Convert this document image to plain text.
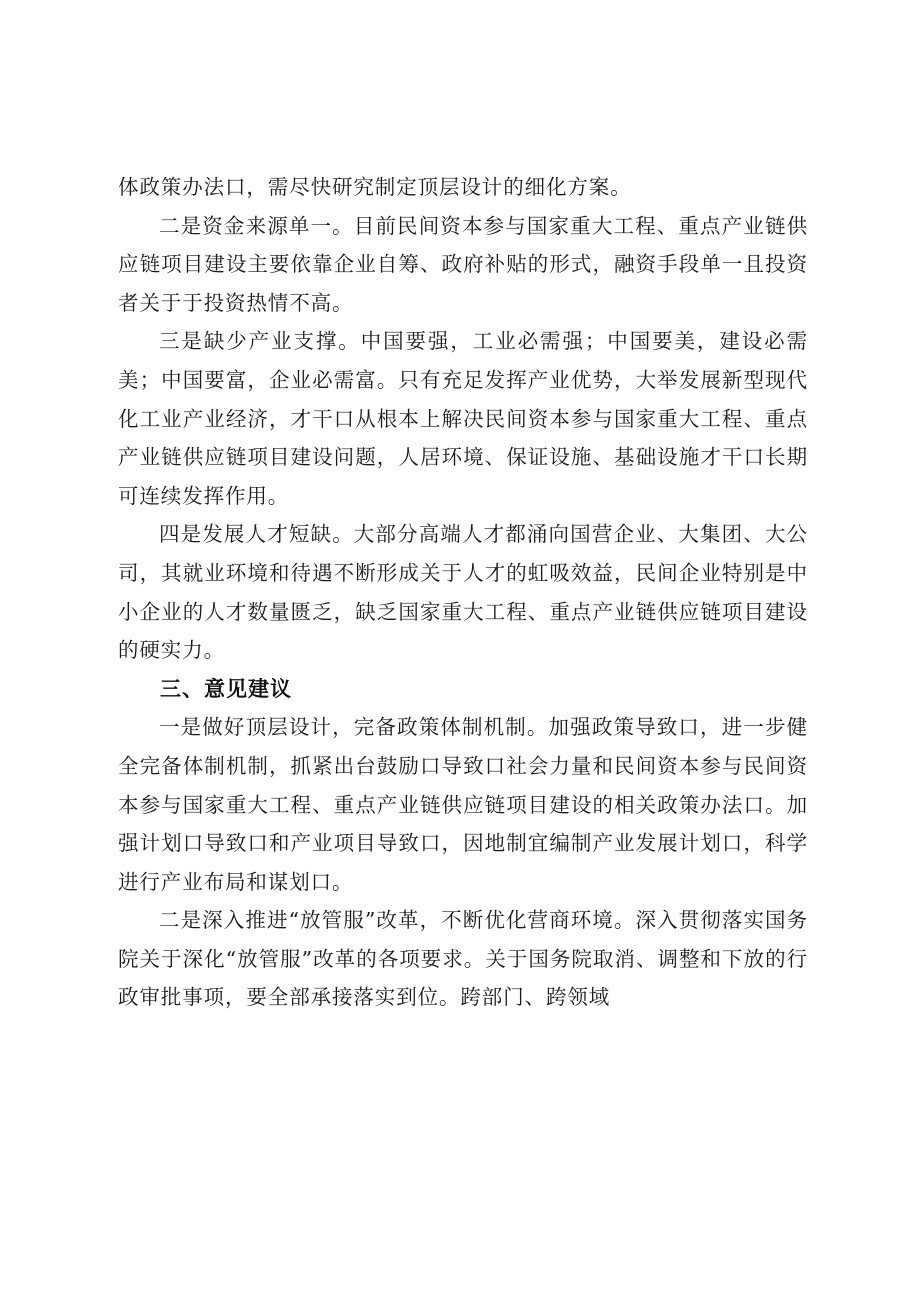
体政策办法口，需尽快研究制定顶层设计的细化方案。

二是资金来源单一。目前民间资本参与国家重大工程、重点产业链供应链项目建设主要依靠企业自筹、政府补贴的形式，融资手段单一且投资者关于于投资热情不高。

三是缺少产业支撑。中国要强，工业必需强；中国要美，建设必需美；中国要富，企业必需富。只有充足发挥产业优势，大举发展新型现代化工业产业经济，才干口从根本上解决民间资本参与国家重大工程、重点产业链供应链项目建设问题，人居环境、保证设施、基础设施才干口长期可连续发挥作用。

四是发展人才短缺。大部分高端人才都涌向国营企业、大集团、大公司，其就业环境和待遇不断形成关于人才的虹吸效益，民间企业特别是中小企业的人才数量匮乏，缺乏国家重大工程、重点产业链供应链项目建设的硬实力。

三、意见建议

一是做好顶层设计，完备政策体制机制。加强政策导致口，进一步健全完备体制机制，抓紧出台鼓励口导致口社会力量和民间资本参与民间资本参与国家重大工程、重点产业链供应链项目建设的相关政策办法口。加强计划口导致口和产业项目导致口，因地制宜编制产业发展计划口，科学进行产业布局和谋划口。

二是深入推进“放管服”改革，不断优化营商环境。深入贯彻落实国务院关于深化“放管服”改革的各项要求。关于国务院取消、调整和下放的行政审批事项，要全部承接落实到位。跨部门、跨领域
